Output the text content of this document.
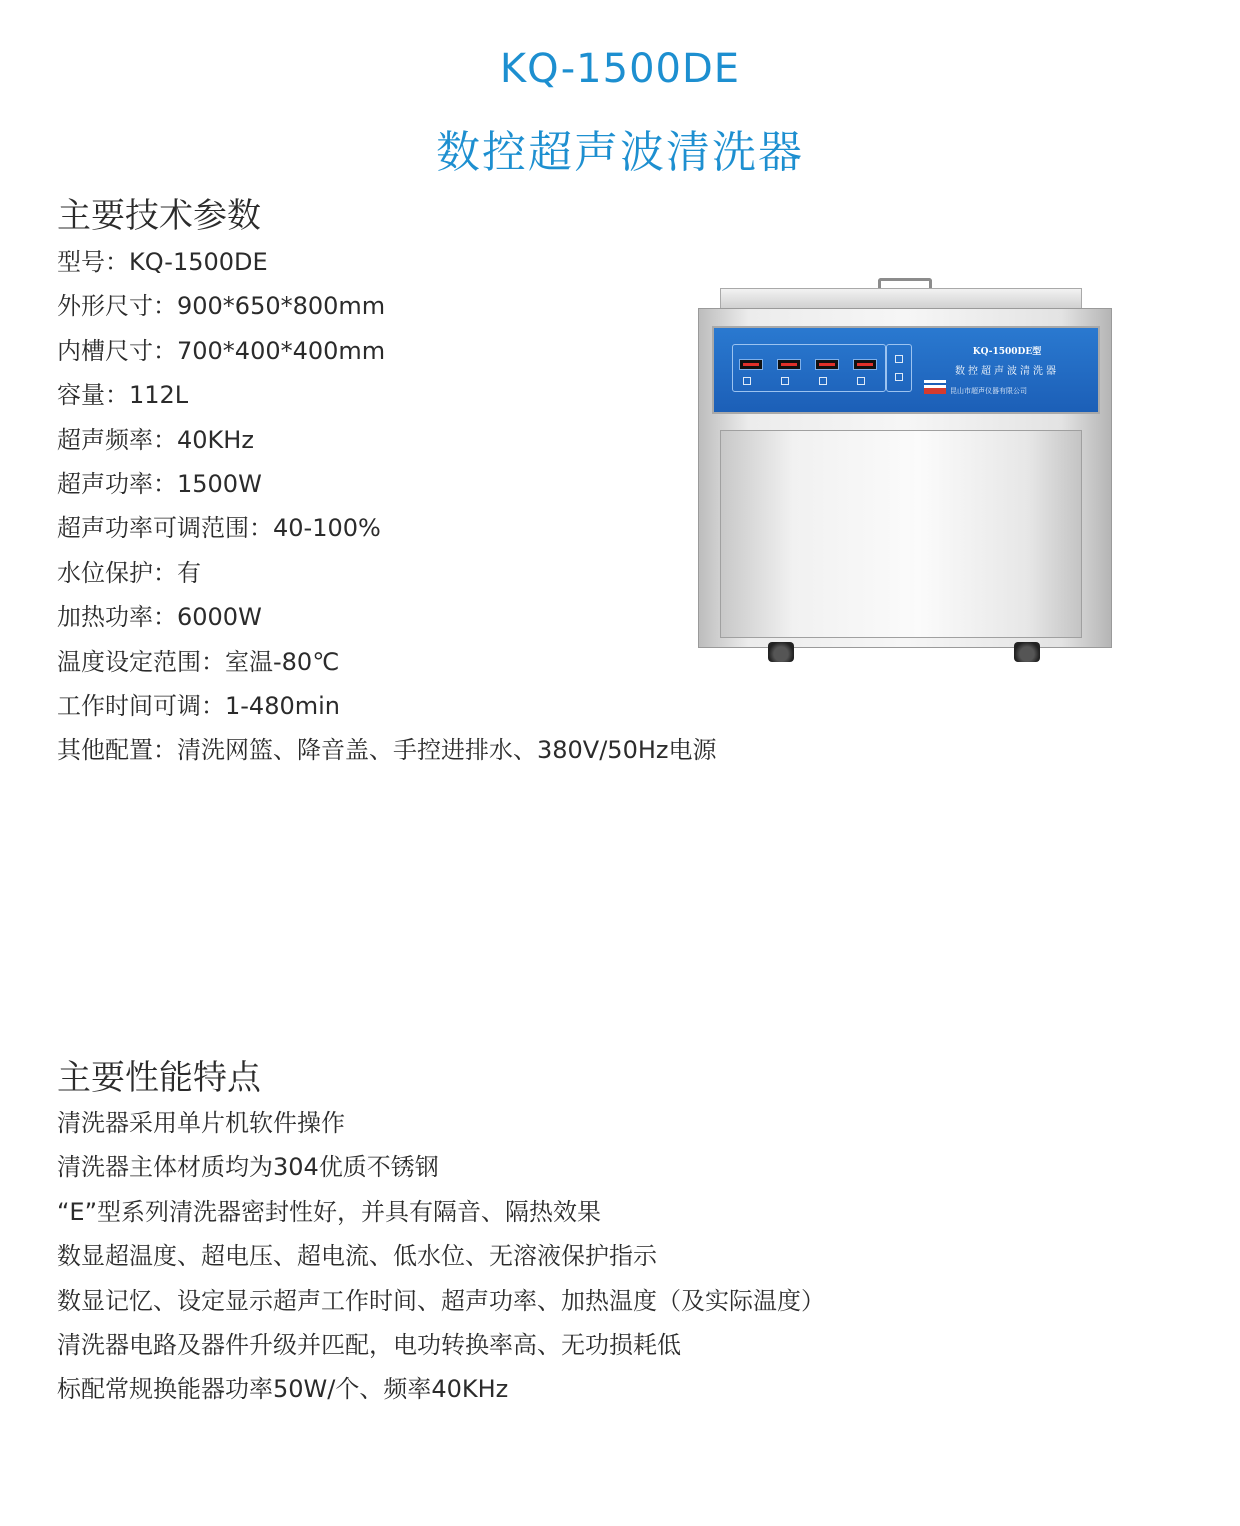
KQ-1500DE
数控超声波清洗器
主要技术参数
型号：KQ-1500DE
外形尺寸：900*650*800mm
内槽尺寸：700*400*400mm
容量：112L
超声频率：40KHz
超声功率：1500W
超声功率可调范围：40-100%
水位保护：有
加热功率：6000W
温度设定范围：室温-80℃
工作时间可调：1-480min
其他配置：清洗网篮、降音盖、手控进排水、380V/50Hz电源
KQ-1500DE型
数控超声波清洗器
昆山市超声仪器有限公司
主要性能特点
清洗器采用单片机软件操作
清洗器主体材质均为304优质不锈钢
“E”型系列清洗器密封性好，并具有隔音、隔热效果
数显超温度、超电压、超电流、低水位、无溶液保护指示
数显记忆、设定显示超声工作时间、超声功率、加热温度（及实际温度）
清洗器电路及器件升级并匹配，电功转换率高、无功损耗低
标配常规换能器功率50W/个、频率40KHz
